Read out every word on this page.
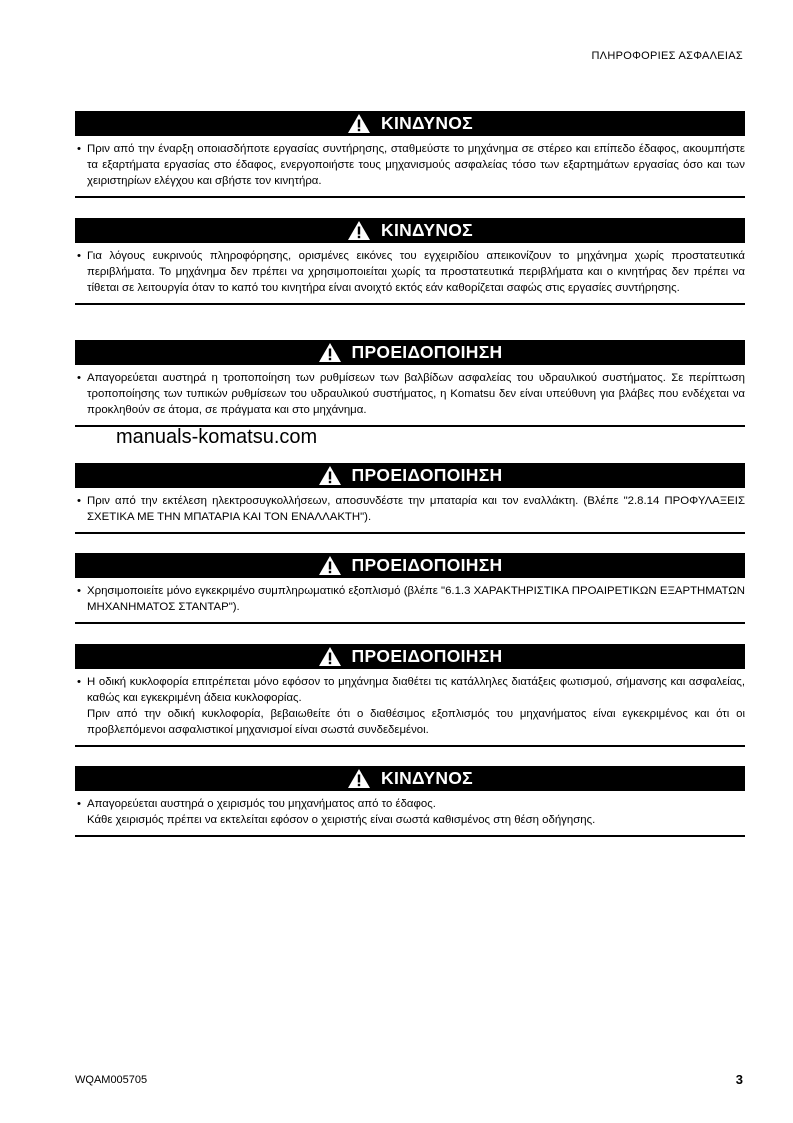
ΠΛΗΡΟΦΟΡΙΕΣ ΑΣΦΑΛΕΙΑΣ
ΚΙΝΔΥΝΟΣ
• Πριν από την έναρξη οποιασδήποτε εργασίας συντήρησης, σταθμεύστε το μηχάνημα σε στέρεο και επίπεδο έδαφος, ακουμπήστε τα εξαρτήματα εργασίας στο έδαφος, ενεργοποιήστε τους μηχανισμούς ασφαλείας τόσο των εξαρτημάτων εργασίας όσο και των χειριστηρίων ελέγχου και σβήστε τον κινητήρα.
ΚΙΝΔΥΝΟΣ
• Για λόγους ευκρινούς πληροφόρησης, ορισμένες εικόνες του εγχειριδίου απεικονίζουν το μηχάνημα χωρίς προστατευτικά περιβλήματα. Το μηχάνημα δεν πρέπει να χρησιμοποιείται χωρίς τα προστατευτικά περιβλήματα και ο κινητήρας δεν πρέπει να τίθεται σε λειτουργία όταν το καπό του κινητήρα είναι ανοιχτό εκτός εάν καθορίζεται σαφώς στις εργασίες συντήρησης.
ΠΡΟΕΙΔΟΠΟΙΗΣΗ
• Απαγορεύεται αυστηρά η τροποποίηση των ρυθμίσεων των βαλβίδων ασφαλείας του υδραυλικού συστήματος. Σε περίπτωση τροποποίησης των τυπικών ρυθμίσεων του υδραυλικού συστήματος, η Komatsu δεν είναι υπεύθυνη για βλάβες που ενδέχεται να προκληθούν σε άτομα, σε πράγματα και στο μηχάνημα.
ΠΡΟΕΙΔΟΠΟΙΗΣΗ
• Πριν από την εκτέλεση ηλεκτροσυγκολλήσεων, αποσυνδέστε την μπαταρία και τον εναλλάκτη. (Βλέπε "2.8.14 ΠΡΟΦΥΛΑΞΕΙΣ ΣΧΕΤΙΚΑ ΜΕ ΤΗΝ ΜΠΑΤΑΡΙΑ ΚΑΙ ΤΟΝ ΕΝΑΛΛΑΚΤΗ").
ΠΡΟΕΙΔΟΠΟΙΗΣΗ
• Χρησιμοποιείτε μόνο εγκεκριμένο συμπληρωματικό εξοπλισμό (βλέπε "6.1.3 ΧΑΡΑΚΤΗΡΙΣΤΙΚΑ ΠΡΟΑΙΡΕΤΙΚΩΝ ΕΞΑΡΤΗΜΑΤΩΝ ΜΗΧΑΝΗΜΑΤΟΣ ΣΤΑΝΤΑΡ").
ΠΡΟΕΙΔΟΠΟΙΗΣΗ
• Η οδική κυκλοφορία επιτρέπεται μόνο εφόσον το μηχάνημα διαθέτει τις κατάλληλες διατάξεις φωτισμού, σήμανσης και ασφαλείας, καθώς και εγκεκριμένη άδεια κυκλοφορίας.
Πριν από την οδική κυκλοφορία, βεβαιωθείτε ότι ο διαθέσιμος εξοπλισμός του μηχανήματος είναι εγκεκριμένος και ότι οι προβλεπόμενοι ασφαλιστικοί μηχανισμοί είναι σωστά συνδεδεμένοι.
ΚΙΝΔΥΝΟΣ
• Απαγορεύεται αυστηρά ο χειρισμός του μηχανήματος από το έδαφος.
Κάθε χειρισμός πρέπει να εκτελείται εφόσον ο χειριστής είναι σωστά καθισμένος στη θέση οδήγησης.
manuals-komatsu.com
WQAM005705	3
